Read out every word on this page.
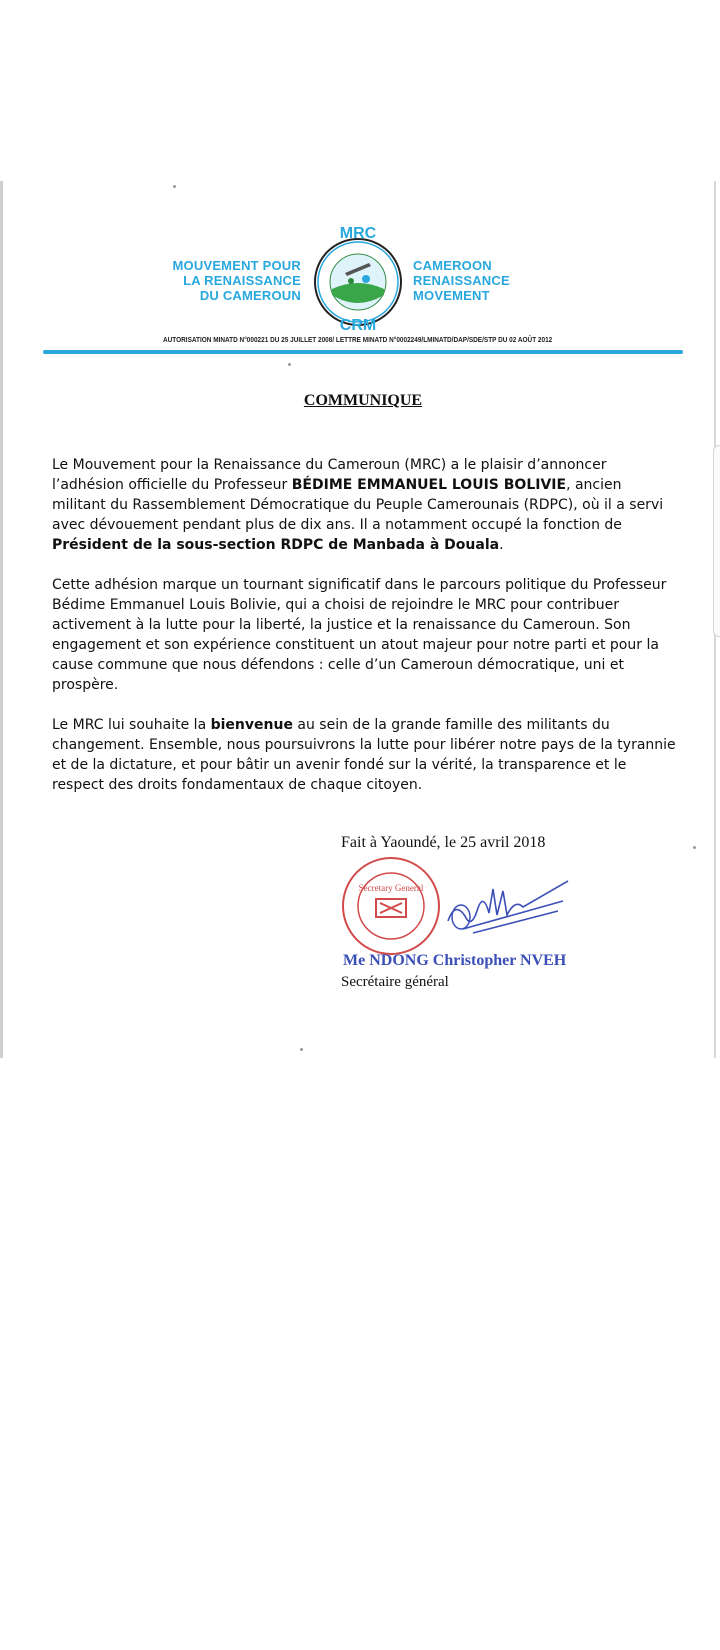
MOUVEMENT POUR
LA RENAISSANCE
DU CAMEROUN
MRC
CRM
CAMEROON
RENAISSANCE
MOVEMENT
AUTORISATION MINATD N°000221 DU 25 JUILLET 2008/ LETTRE MINATD N°0002249/LMINATD/DAP/SDE/STP DU 02 AOÛT 2012
COMMUNIQUE

Le Mouvement pour la Renaissance du Cameroun (MRC) a le plaisir d’annoncer l’adhésion officielle du Professeur BÉDIME EMMANUEL LOUIS BOLIVIE, ancien militant du Rassemblement Démocratique du Peuple Camerounais (RDPC), où il a servi avec dévouement pendant plus de dix ans. Il a notamment occupé la fonction de Président de la sous-section RDPC de Manbada à Douala.

Cette adhésion marque un tournant significatif dans le parcours politique du Professeur Bédime Emmanuel Louis Bolivie, qui a choisi de rejoindre le MRC pour contribuer activement à la lutte pour la liberté, la justice et la renaissance du Cameroun. Son engagement et son expérience constituent un atout majeur pour notre parti et pour la cause commune que nous défendons : celle d’un Cameroun démocratique, uni et prospère.

Le MRC lui souhaite la bienvenue au sein de la grande famille des militants du changement. Ensemble, nous poursuivrons la lutte pour libérer notre pays de la tyrannie et de la dictature, et pour bâtir un avenir fondé sur la vérité, la transparence et le respect des droits fondamentaux de chaque citoyen.

Fait à Yaoundé, le 25 avril 2018
Secretary General
Me NDONG Christopher NVEH
Secrétaire général
